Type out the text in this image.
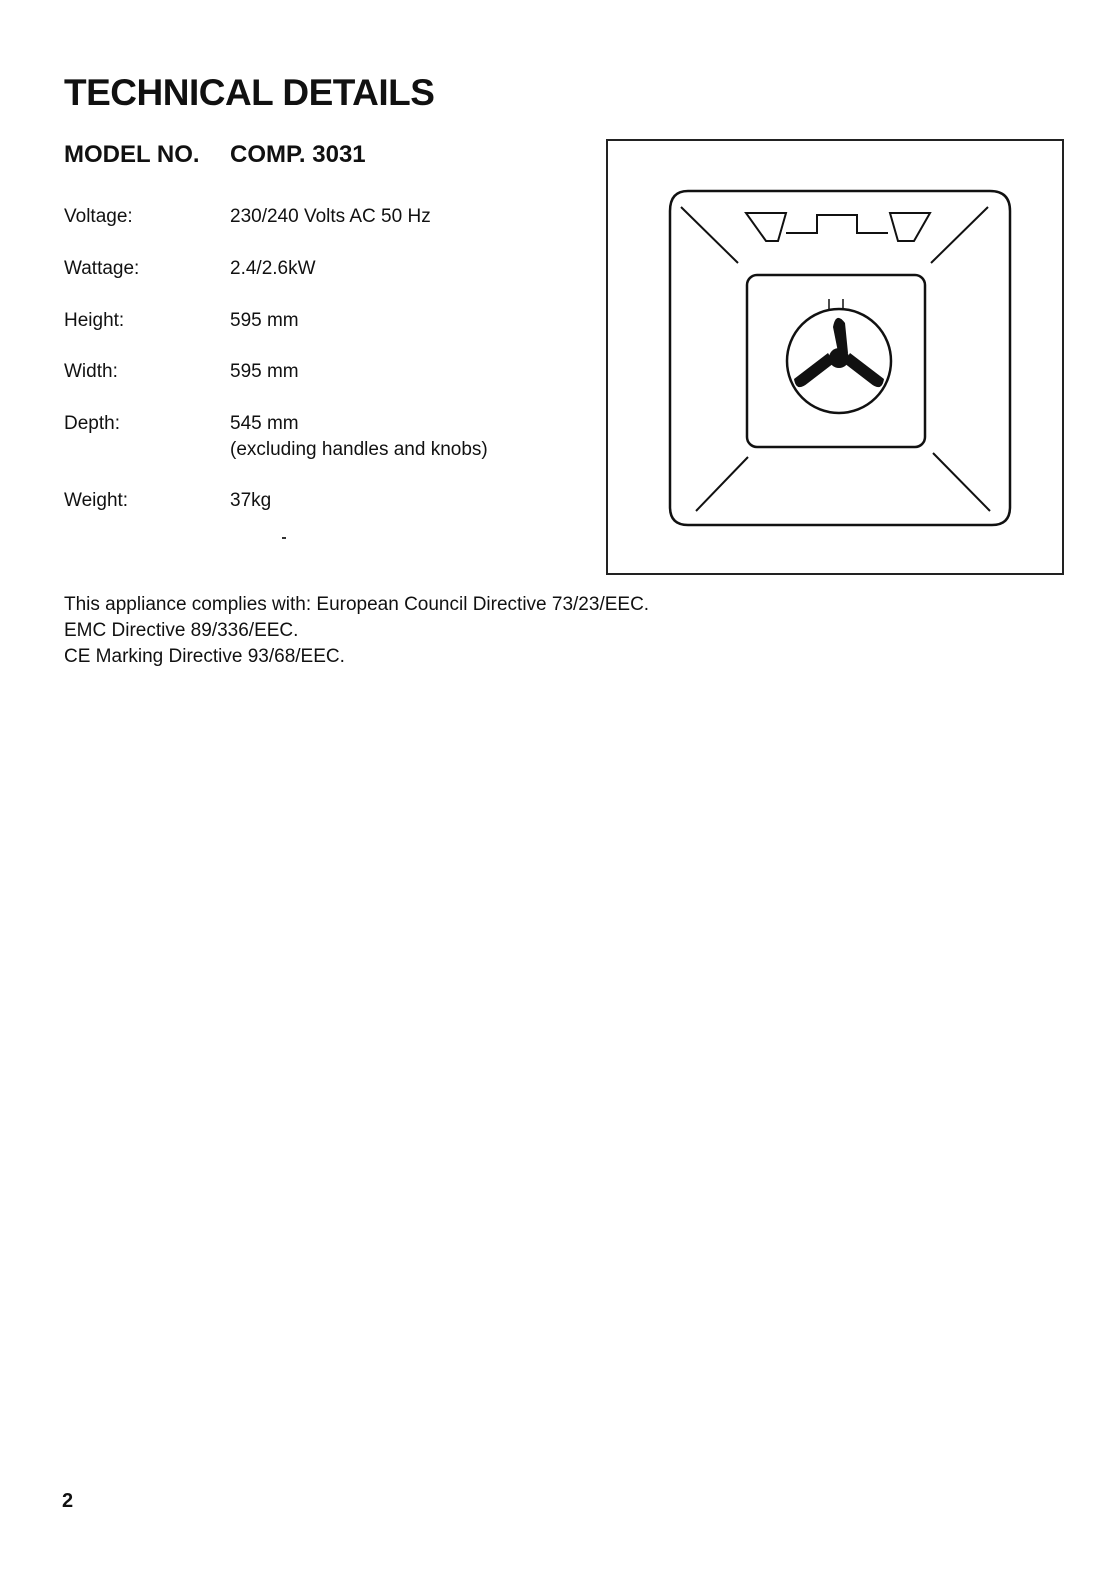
TECHNICAL DETAILS
MODEL NO. COMP. 3031
Voltage:	230/240 Volts AC 50 Hz
Wattage:	2.4/2.6kW
Height:	595 mm
Width:	595 mm
Depth:	545 mm
(excluding handles and knobs)
Weight:	37kg
This appliance complies with: European Council Directive 73/23/EEC.
EMC Directive 89/336/EEC.
CE Marking Directive 93/68/EEC.
2
